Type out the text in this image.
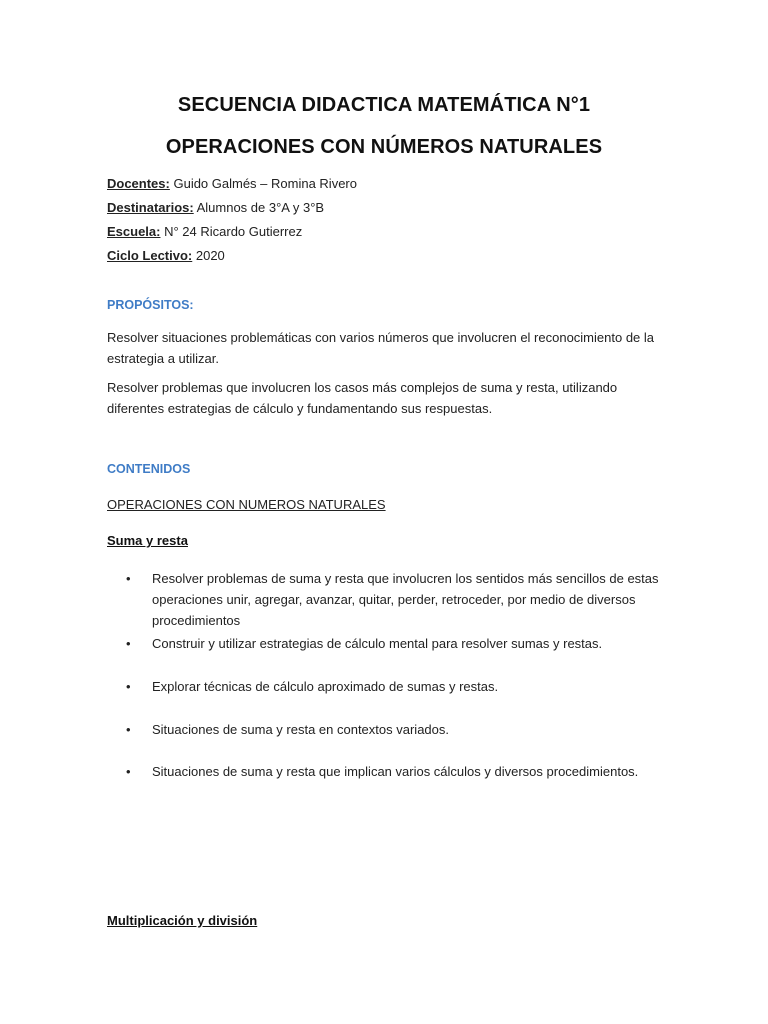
SECUENCIA DIDACTICA MATEMÁTICA N°1
OPERACIONES CON NÚMEROS NATURALES
Docentes: Guido Galmés – Romina Rivero
Destinatarios: Alumnos de 3°A y 3°B
Escuela: N° 24 Ricardo Gutierrez
Ciclo Lectivo: 2020
PROPÓSITOS:
Resolver situaciones problemáticas con varios números que involucren el reconocimiento de la estrategia a utilizar.
Resolver problemas que involucren los casos más complejos de suma y resta, utilizando diferentes estrategias de cálculo y fundamentando sus respuestas.
CONTENIDOS
OPERACIONES CON NUMEROS NATURALES
Suma y resta
•	Resolver problemas de suma y resta que involucren los sentidos más sencillos de estas operaciones unir, agregar, avanzar, quitar, perder, retroceder, por medio de diversos procedimientos
•	Construir y utilizar estrategias de cálculo mental para resolver sumas y restas.
•	Explorar técnicas de cálculo aproximado de sumas y restas.
•	Situaciones de suma y resta en contextos variados.
•	Situaciones de suma y resta que implican varios cálculos y diversos procedimientos.
Multiplicación y división
